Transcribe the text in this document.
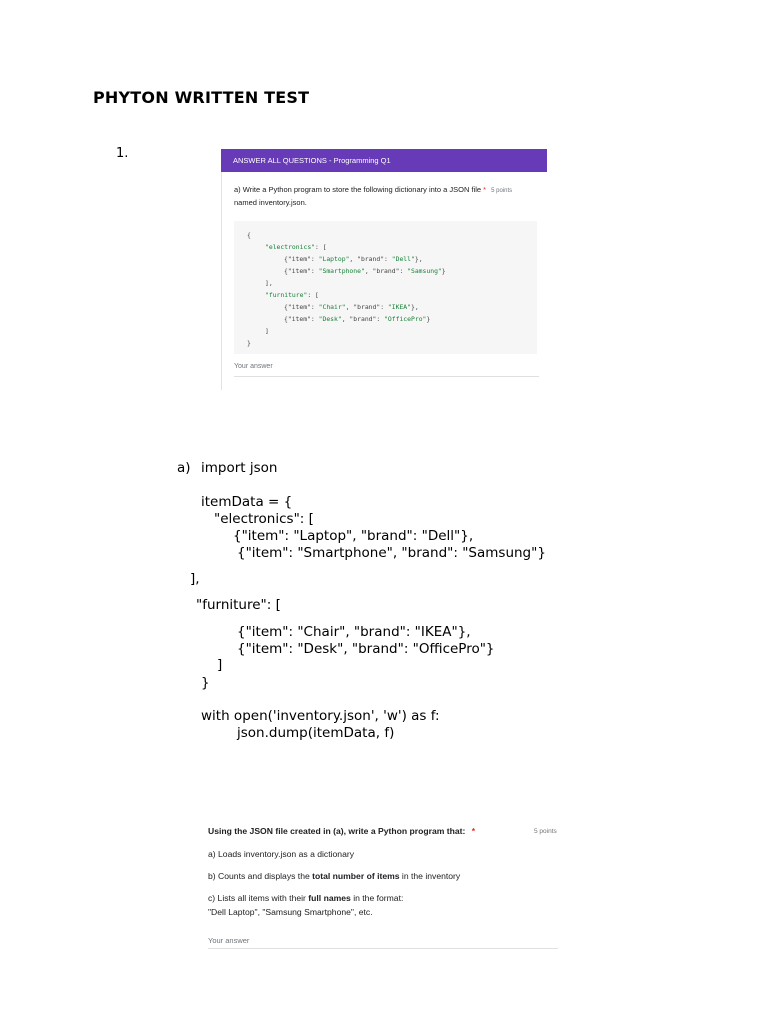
PHYTON WRITTEN TEST
1.	ANSWER ALL QUESTIONS - Programming Q1
a) Write a Python program to store the following dictionary into a JSON file * 5 points
named inventory.json.
{
"electronics": [
{"item": "Laptop", "brand": "Dell"},
{"item": "Smartphone", "brand": "Samsung"}
],
"furniture": [
{"item": "Chair", "brand": "IKEA"},
{"item": "Desk", "brand": "OfficePro"}
]
}
Your answer
a) import json
itemData = {
"electronics": [
{"item": "Laptop", "brand": "Dell"},
{"item": "Smartphone", "brand": "Samsung"}
],
"furniture": [
{"item": "Chair", "brand": "IKEA"},
{"item": "Desk", "brand": "OfficePro"}
]
}
with open('inventory.json', 'w') as f:
json.dump(itemData, f)
Using the JSON file created in (a), write a Python program that: *	5 points
a) Loads inventory.json as a dictionary
b) Counts and displays the total number of items in the inventory
c) Lists all items with their full names in the format:
"Dell Laptop", "Samsung Smartphone", etc.
Your answer
